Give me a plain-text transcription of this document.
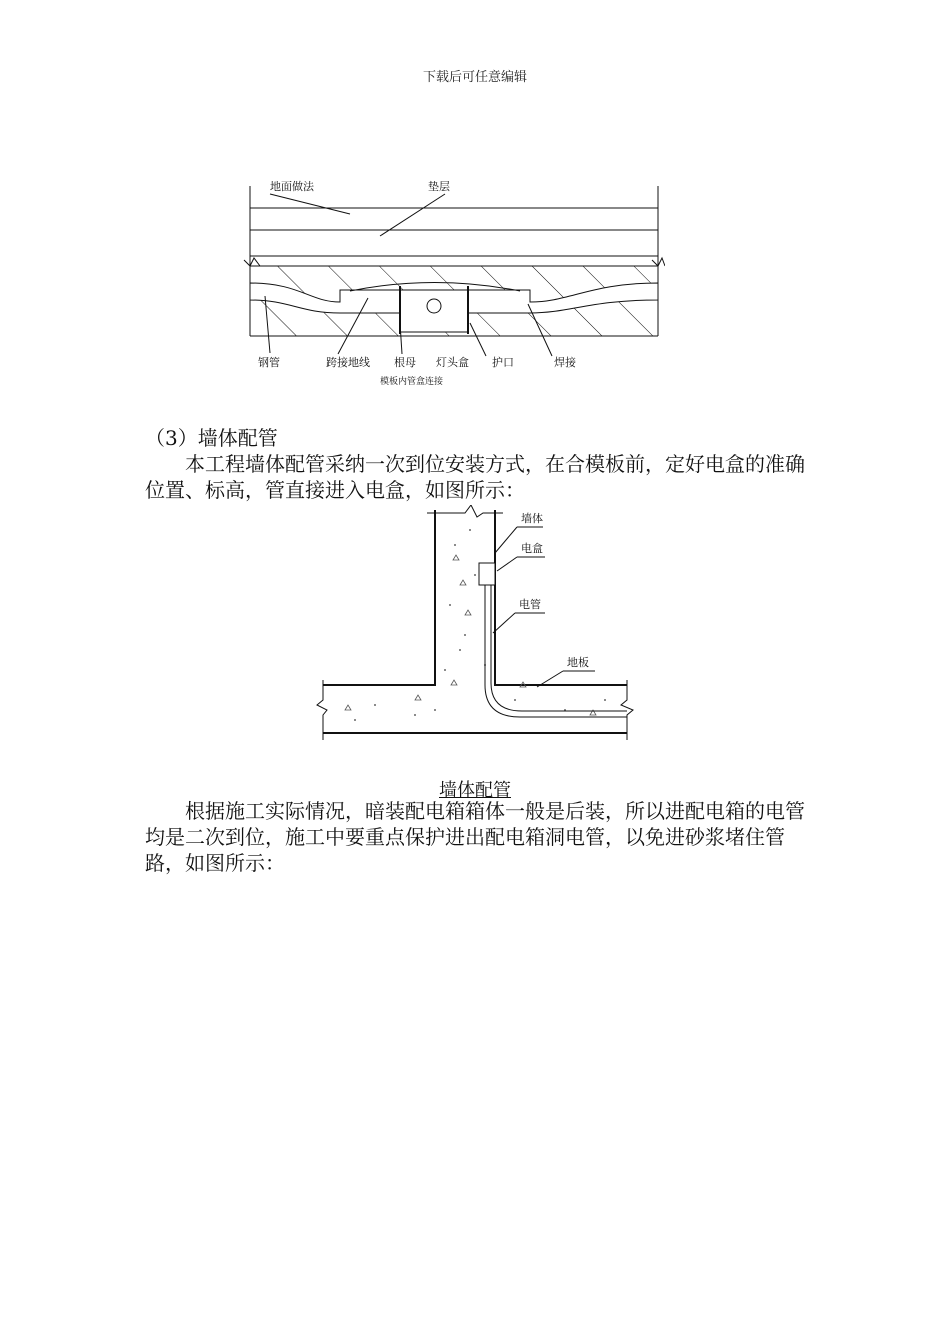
下载后可任意编辑
地面做法	垫层
钢管	跨接地线 根母 灯头盒 护口	焊接
模板内管盒连接
（3）墙体配管
本工程墙体配管采纳一次到位安装方式，在合模板前，定好电盒的准确位置、标高，管直接进入电盒，如图所示：
墙体
电盒
电管
地板
墙体配管
根据施工实际情况，暗装配电箱箱体一般是后装，所以进配电箱的电管均是二次到位，施工中要重点保护进出配电箱洞电管，以免进砂浆堵住管路，如图所示：
